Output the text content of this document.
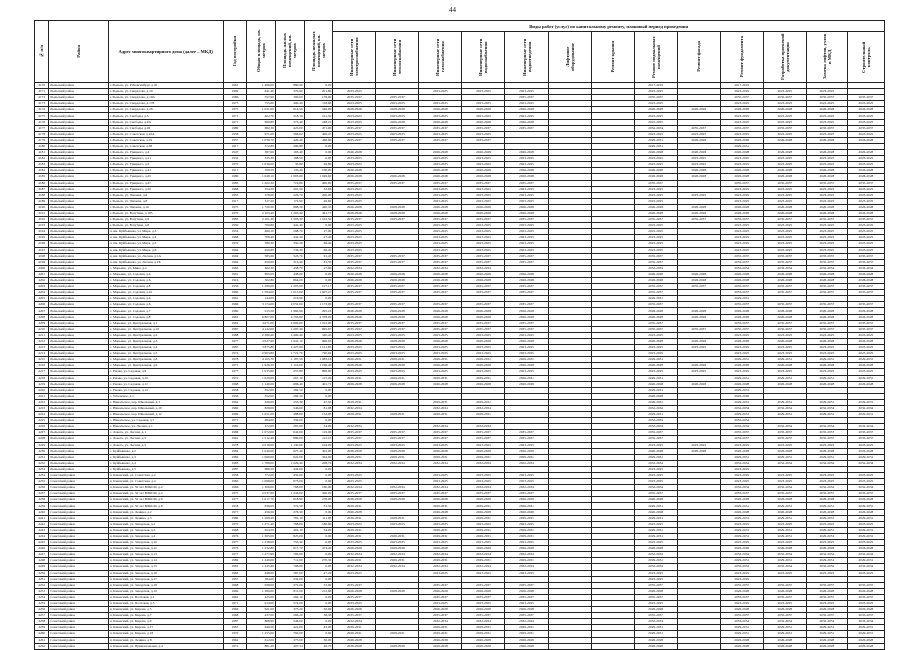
44
№ п/п	Район	Адрес многоквартирного дома (далее – МКД)	Год постройки	Общая площадь, кв. метров	Площадь жилых помещений, кв. метров	Площадь нежилых помещений, кв. метров	Виды работ (услуг) по капитальному ремонту, плановый период проведения												
							Инженерные сети электроснабжения	Инженерные сети теплоснабжения	Инженерные сети газоснабжения	Инженерные сети водоснабжения	Инженерные сети водоотведения	Лифтовое оборудование	Ремонт крыши	Ремонт подвальных помещений	Ремонт фасада	Ремонт фундамента	Разработка проектной документации	Замена лифтов, узлов в МКД	Строительный контроль
4170	Рыльский район	г. Рыльск, ул. Р.Люксембург, д.45	1961	1 496,00	880,90	0,00								2017-2019		2017-2019			
4171	Рыльский район	г. Рыльск, ул. Свердлова, д.19	1969	641,40	370,90	201,80	2023-2025		2023-2025	2023-2025	2023-2025			2023-2025		2023-2025	2023-2025	2023-2025	
4172	Рыльский район	г. Рыльск, ул. Свердлова, д.19А	1986	557,90	300,00	178,90	2035-2037	2035-2037			2035-2037			2035-2037		2035-2037	2035-2037	2035-2037	2035-2037
4173	Рыльский район	г. Рыльск, ул. Свердлова, д.178	1975	755,60	490,40	118,60	2023-2025	2023-2025	2023-2025	2023-2025	2023-2025			2023-2025		2023-2025	2023-2025	2023-2025	2023-2025
4174	Рыльский район	г. Рыльск, ул. Свердлова, д.26	1975	1 021,00	614,50	346,90	2026-2028	2026-2028	2026-2028	2026-2028	2026-2028			2026-2028	2026-2028	2026-2028	2026-2028	2026-2028	2026-2028
4175	Рыльский район	г. Рыльск, ул. Свободы, д.3	1971	402,70	218,10	101,50	2023-2025	2023-2025	2023-2025	2023-2025	2023-2025			2023-2025		2023-2025	2023-2025	2023-2025	2023-2025
4176	Рыльский район	г. Рыльск, ул. Свободы, д.9А	1971	690,80	373,40	248,10	2023-2025	2026-2028	2026-2028	2026-2028	2026-2028			2023-2025		2023-2025	2023-2025	2023-2025	2023-2025
4177	Рыльский район	г. Рыльск, ул. Свободы, д.26	1989	682,30	425,00	471,90	2035-2037	2035-2037	2035-2037	2035-2037	2035-2037			2032-2034	2035-2037	2035-2037	2035-2037	2035-2037	2035-2037
4178	Рыльский район	г. Рыльск, ул. Советская, д.16А	1958	971,00	566,02	406,47	2023-2025	2023-2025	2023-2025	2023-2025				2023-2025	2023-2025	2023-2025	2023-2025	2023-2025	2023-2025
4179	Рыльский район	г. Рыльск, ул. Советская, д.19	1957	1 036,70	420,40	468,60	2035-2037	2035-2037	2035-2037	2035-2037				2029-2031	2026-2028	2026-2028	2026-2028	2026-2028	2026-2028
4180	Рыльский район	г. Рыльск, ул. Советская, д.38	1917	372,80	290,80	0,00								2029-2031		2029-2031			
4181	Рыльский район	г. Рыльск, ул. Урицкого, д.4	1947	387,00	163,40	0,00	2026-2028		2026-2028	2026-2028	2026-2028			2026-2028	2026-2028	2026-2028	2026-2028	2026-2028	2026-2028
4182	Рыльский район	г. Рыльск, ул. Урицкого, д.21	1932	335,30	188,50	0,00	2023-2025		2023-2025	2023-2025	2023-2025			2023-2025	2023-2025	2023-2025	2023-2025	2023-2025	2023-2025
4183	Рыльский район	г. Рыльск, ул. Урицкого, д.3	1970	1 036,00	35,80	26,80	2023-2025		2023-2025	2023-2025	2023-2025			2023-2025	2023-2025	2023-2025	2023-2025	2023-2025	2023-2025
4184	Рыльский район	г. Рыльск, ул. Урицкого, д.41	1917	356,50	135,40	100,00	2026-2028		2026-2028	2026-2028	2026-2028			2026-2028	2026-2028	2026-2028	2026-2028	2026-2028	2026-2028
4185	Рыльский район	г. Рыльск, ул. Урицкого, д.45	1980	1 648,10	1 003,60	1 049,60	2026-2028	2026-2028	2026-2028	2026-2028	2026-2028			2026-2028	2026-2028	2026-2028	2026-2028	2026-2028	2026-2028
4186	Рыльский район	г. Рыльск, ул. Урицкого, д.47	1983	1 202,30	719,80	400,90	2035-2037	2035-2037	2035-2037	2035-2037	2035-2037			2035-2037		2035-2037	2035-2037	2035-2037	2035-2037
4187	Рыльский район	г. Рыльск, ул. Урицкого, д.50	1968	354,50	201,50	32,60	2023-2025		2023-2025	2023-2025	2023-2025			2023-2025		2023-2025	2023-2025	2023-2025	2023-2025
4188	Рыльский район	г. Рыльск, ул. Чапаева, д.6	1955	378,60	226,70	200,00	2023-2025		2023-2025	2023-2025	2023-2025			2023-2025	2023-2025	2023-2025	2023-2025	2023-2025	2023-2025
4189	Рыльский район	г. Рыльск, ул. Чапаева, д.8	1917	317,20	172,90	49,60	2023-2025		2023-2025	2023-2025	2023-2025			2023-2025		2023-2025	2023-2025	2023-2025	2023-2025
4190	Рыльский район	г. Рыльск, ул. Чапаева, д.16	1975	1 720,50	988,30	420,35	2026-2028	2026-2028	2026-2028	2026-2028	2026-2028			2026-2028	2026-2028	2026-2028	2026-2028	2026-2028	2026-2028
4191	Рыльский район	г. Рыльск, ул. Ватутина, д.185	1970	2 103,40	1 265,40	461,75	2026-2028	2026-2028	2026-2028	2026-2028	2026-2028			2026-2028	2026-2028	2026-2028	2026-2028	2026-2028	2026-2028
4192	Рыльский район	г. Рыльск, ул. Ватутина, д.6	1985	2 101,30	1 505,30	1 102,50	2035-2037	2035-2037	2035-2037	2035-2037	2035-2037			2035-2037	2035-2037	2035-2037	2035-2037	2035-2037	2035-2037
4193	Рыльский район	г. Рыльск, ул. Ватутина, д.8	1959	700,80	441,40	0,00	2023-2025		2023-2025	2023-2025	2023-2025			2023-2025		2023-2025	2023-2025	2023-2025	2023-2025
4194	Рыльский район	п. им. Куйбышева, ул. Мира, д.3	1954	480,10	298,70	27,00	2023-2025		2023-2025	2023-2025	2023-2025			2023-2025		2023-2025	2023-2025	2023-2025	2023-2025
4195	Рыльский район	п. им. Куйбышева, ул. Мира, д.4	1968	708,40	432,40	27,40	2023-2025		2023-2025	2023-2025	2023-2025			2023-2025		2023-2025	2023-2025	2023-2025	2023-2025
4196	Рыльский район	п. им. Куйбышева, ул. Мира, д.5	1970	580,30	350,20	66,40	2023-2025		2023-2025	2023-2025	2023-2025			2023-2025		2023-2025	2023-2025	2023-2025	2023-2025
4197	Рыльский район	п. им. Куйбышева, ул. Мира, д.6	1964	650,60	736,30	69,40	2023-2025		2023-2025	2023-2025	2023-2025			2023-2025		2023-2025	2023-2025	2023-2025	2023-2025
4198	Рыльский район	п. им. Куйбышева, ул. Лесная, д.1А	1994	585,60	323,70	91,45	2035-2037	2035-2037	2035-2037	2035-2037	2035-2037			2035-2037		2035-2037	2035-2037	2035-2037	2035-2037
4199	Рыльский район	п. им. Куйбышева, ул. Лесная, д.1Б	1994	650,60	315,40	81,50	2035-2037	2035-2037	2035-2037	2035-2037	2035-2037			2035-2037		2035-2037	2035-2037	2035-2037	2035-2037
4200	Рыльский район	с. Марьино, ул. Мира, д.2	1965	462,30	458,70	27,60	2032-2034		2032-2034	2032-2034				2032-2034		2032-2034	2032-2034	2032-2034	2032-2034
4201	Рыльский район	с. Марьино, ул. Садовая, д.4	1991	695,00	438,00	0,00	2026-2028	2026-2028	2026-2028	2026-2028	2026-2028			2026-2028	2026-2028	2026-2028	2026-2028	2026-2028	2026-2028
4202	Рыльский район	с. Марьино, ул. Садовая, д.6	1916	302,80	864,00	0,00	2026-2028	2026-2028	2026-2028	2026-2028	2026-2028			2026-2028	2026-2028	2026-2028	2026-2028	2026-2028	2026-2028
4203	Рыльский район	с. Марьино, ул. Садовая, д.8	1956	1 280,00	1 205,00	127,17	2035-2037	2035-2037	2035-2037	2035-2037	2035-2037			2035-2037	2035-2037	2035-2037	2035-2037	2035-2037	2035-2037
4204	Рыльский район	с. Марьино, ул. Садовая, д.10	1960	1 584,00	1 015,00	1 007,27	2035-2037	2035-2037	2035-2037	2035-2037	2035-2037			2035-2037		2035-2037	2035-2037	2035-2037	2035-2037
4205	Рыльский район	с. Марьино, ул. Садовая, д.4	1961	144,00	216,90	0,00								2029-2031		2029-2031			
4206	Рыльский район	с. Марьино, ул. Садовая, д.6	1966	3 174,00	2 052,00	1 173,00	2035-2037	2035-2037	2035-2037	2035-2037	2035-2037			2035-2037		2035-2037	2035-2037	2035-2037	2035-2037
4207	Рыльский район	с. Марьино, ул. Садовая, д.7	1980	915,50	1 960,90	295,23	2026-2028	2026-2028	2026-2028	2026-2028	2026-2028			2026-2028	2026-2028	2026-2028	2026-2028	2026-2028	2026-2028
4208	Рыльский район	с. Марьино, ул. Садовая, д.8	1981	6 807,00	4 793,80	4 378,00	2026-2028	2026-2028	2026-2028	2026-2028	2026-2028			2026-2028	2026-2028	2026-2028	2026-2028	2026-2028	2026-2028
4209	Рыльский район	с. Марьино, ул. Центральная, д.1	1981	4 071,00	2 600,00	1 012,00	2035-2037	2035-2037	2035-2037	2035-2037	2035-2037			2035-2037		2035-2037	2035-2037	2035-2037	2035-2037
4210	Рыльский район	с. Марьино, ул. Центральная, д.10	1987	4 142,00	1 297,40	695,97	2035-2037	2035-2037	2035-2037	2035-2037	2035-2037			2035-2037	2035-2037	2035-2037	2035-2037	2035-2037	2035-2037
4211	Рыльский район	с. Марьино, ул. Центральная, д.2	1988	2 380,40	1 400,40	320,45	2023-2025	2023-2025	2023-2025	2023-2025	2023-2025			2023-2025		2023-2025	2023-2025	2023-2025	2023-2025
4212	Рыльский район	с. Марьино, ул. Центральная, д.3	1977	3 027,60	1 941,10	990,95	2026-2028	2026-2028	2026-2028	2026-2028	2026-2028			2026-2028	2026-2028	2026-2028	2026-2028	2026-2028	2026-2028
4213	Рыльский район	с. Марьино, ул. Центральная, д.4	1987	3 875,80	2 427,80	1 121,85	2023-2025	2023-2025	2023-2025	2023-2025	2023-2025			2023-2025	2023-2025	2023-2025	2023-2025	2023-2025	2023-2025
4214	Рыльский район	с. Марьино, ул. Центральная, д.5	1974	2 903,80	1 721,70	720,04	2023-2025	2023-2025	2023-2025	2023-2025	2023-2025			2023-2025		2023-2025	2023-2025	2023-2025	2023-2025
4215	Рыльский район	с. Марьино, ул. Центральная, д.8	1978	4 105,70	1 187,50	1 083,16	2029-2031	2029-2031	2029-2031	2029-2031	2029-2031			2029-2031		2029-2031	2029-2031	2029-2031	2029-2031
4216	Рыльский район	с. Марьино, ул. Центральная, д.9	1971	1 926,50	1 110,00	1 190,40	2026-2028	2026-2028	2026-2028	2026-2028	2026-2028			2026-2028	2026-2028	2026-2028	2026-2028	2026-2028	2026-2028
4217	Рыльский район	с. Ржава, ул. Садовая, д.9	1977	1 035,60	257,80	890,00	2023-2025	2023-2025	2023-2025	2023-2025	2023-2025			2023-2025	2023-2025	2023-2025	2023-2025	2023-2025	2023-2025
4218	Рыльский район	с. Ржава, ул. Садовая, д.10	1972	1 029,00	267,10	115,40	2029-2031	2029-2031	2029-2031	2029-2031	2029-2031			2029-2031		2029-2031	2029-2031	2029-2031	2029-2031
4219	Рыльский район	с. Ржава, ул. Садовая, д.11	1968	1 140,00	686,40	401,71	2026-2028	2026-2028	2026-2028	2026-2028	2026-2028			2026-2028	2026-2028	2026-2028	2026-2028	2026-2028	2026-2028
4220	Рыльский район	с. Ржава, ул. Садовая, д.12	1958	352,00	282,50	0,00								2029-2031		2029-2031			
4221	Рыльский район	с. Успенское, д.1	1956	352,00	282,50	0,00								2026-2028		2026-2028			
4222	Рыльский район	с. Никольское, пер. Школьный, д.3	1962	436,00	253,30	47,50	2029-2031		2029-2031	2029-2031				2029-2031		2029-2031	2029-2031	2029-2031	2029-2031
4223	Рыльский район	с. Никольское, пер. Школьный, д.10	1960	828,00	546,60	81,98	2032-2034		2032-2034	2032-2034				2032-2034		2032-2034	2032-2034	2032-2034	2032-2034
4224	Рыльский район	с. Никольское, пер. Школьный, д.12	1969	1 051,00	488,00	152,00	2029-2031	2029-2031	2029-2031	2029-2031				2029-2031		2029-2031	2029-2031	2029-2031	2029-2031
4225	Рыльский район	с. Никольское, ул. Садовая, д.7	1971	484,00	359,00	0,00								2032-2034		2032-2034			
4226	Рыльский район	с. Никольское, ул. Лесная, д.1	1982	472,60	287,00	54,90	2032-2034		2032-2034	2032-2034				2032-2034		2032-2034	2032-2034	2032-2034	2032-2034
4227	Рыльский район	с. Локоть, ул. Лесная, д.1	1986	1 072,00	642,00	119,00	2035-2037	2035-2037	2035-2037	2035-2037	2035-2037			2035-2037		2035-2037	2035-2037	2035-2037	2035-2037
4228	Рыльский район	с. Локоть, ул. Лесная, д.3	1991	1 512,40	880,00	112,10	2035-2037	2035-2037	2035-2037	2035-2037	2035-2037			2035-2037		2035-2037	2035-2037	2035-2037	2035-2037
4229	Рыльский район	с. Локоть, ул. Лесная, д.5	1978	2 016,00	1 130,00	104,00	2023-2025	2023-2025	2023-2025	2023-2025	2023-2025			2023-2025	2023-2025	2023-2025	2023-2025	2023-2025	2023-2025
4230	Рыльский район	с. Куйбышево, д.2	1982	1 040,00	627,40	302,00	2026-2028	2026-2028	2026-2028	2026-2028	2026-2028			2026-2028	2026-2028	2026-2028	2026-2028	2026-2028	2026-2028
4231	Рыльский район	с. Куйбышево, д.3	1982	1 060,00	622,00	302,00	2029-2031	2029-2031	2029-2031	2029-2031	2029-2031			2029-2031		2029-2031	2029-2031	2029-2031	2029-2031
4232	Рыльский район	с. Куйбышево, д.4	1983	1 788,00	1 029,40	208,76	2032-2034	2032-2034	2032-2034	2032-2034	2032-2034			2032-2034		2032-2034	2032-2034	2032-2034	2032-2034
4233	Рыльский район	с. Куйбышево, д.5	1987	686,50	434,00	0,00								2023-2025		2023-2025			
4234	Советский район	п. Кшенский, ул. Советская, д.2	1958	772,00	450,00	0,00	2023-2025		2023-2025	2023-2025	2023-2025			2023-2025		2023-2025	2023-2025	2023-2025	2023-2025
4235	Советский район	п. Кшенский, ул. Советская, д.4	1960	1 098,00	673,00	0,00	2023-2025		2023-2025	2023-2025	2023-2025			2023-2025		2023-2025	2023-2025	2023-2025	2023-2025
4236	Советский район	п. Кшенский, ул. 50 лет ВЛКСМ, д.2	1966	1 306,00	768,00	160,00	2032-2034	2032-2034	2032-2034	2032-2034	2032-2034			2032-2034		2032-2034	2032-2034	2032-2034	2032-2034
4237	Советский район	п. Кшенский, ул. 50 лет ВЛКСМ, д.4	1975	2 037,60	1 243,00	300,00	2035-2037	2035-2037	2035-2037	2035-2037	2035-2037			2035-2037		2035-2037	2035-2037	2035-2037	2035-2037
4238	Советский район	п. Кшенский, ул. 50 лет ВЛКСМ, д.6	1977	1 017,70	618,90	270,00	2026-2028	2026-2028	2026-2028	2026-2028	2026-2028			2026-2028		2026-2028	2026-2028	2026-2028	2026-2028
4239	Советский район	п. Кшенский, ул. 50 лет ВЛКСМ, д.8	1978	636,00	372,50	31,50	2029-2031		2029-2031	2029-2031	2029-2031			2029-2031		2029-2031	2029-2031	2029-2031	2029-2031
4240	Советский район	п. Кшенский, ул. Ленина, д.2	1977	456,50	276,30	0,00	2026-2028		2026-2028	2026-2028	2026-2028			2026-2028		2026-2028	2026-2028	2026-2028	2026-2028
4241	Советский район	п. Кшенский, ул. Ленина, д.3	1980	1 268,20	781,10	111,00	2029-2031	2029-2031	2029-2031	2029-2031	2029-2031			2029-2031		2029-2031	2029-2031	2029-2031	2029-2031
4242	Советский район	п. Кшенский, ул. Заводская, д.2	1970	1 271,40	768,00	180,60	2023-2025	2023-2025	2023-2025	2023-2025	2023-2025			2023-2025		2023-2025	2023-2025	2023-2025	2023-2025
4243	Советский район	п. Кшенский, ул. Заводская, д.3	1968	654,50	402,10	54,00	2029-2031		2029-2031	2029-2031	2029-2031			2029-2031		2029-2031	2029-2031	2029-2031	2029-2031
4244	Советский район	п. Кшенский, ул. Заводская, д.4	1976	1 305,00	825,00	0,00	2029-2031	2029-2031	2029-2031	2029-2031	2029-2031			2029-2031		2029-2031	2029-2031	2029-2031	2029-2031
4245	Советский район	п. Кшенский, ул. Заводская, д.10	1977	1 238,00	755,40	0,00	2023-2025	2023-2025	2023-2025	2023-2025	2023-2025			2023-2025		2023-2025	2023-2025	2023-2025	2023-2025
4246	Советский район	п. Кшенский, ул. Заводская, д.12	1976	1 232,80	617,70	474,40	2026-2028	2026-2028	2026-2028	2026-2028	2026-2028			2026-2028		2026-2028	2026-2028	2026-2028	2026-2028
4247	Советский район	п. Кшенский, ул. Заводская, д.13	1977	1 277,90	760,00	0,00	2032-2034	2032-2034	2032-2034	2032-2034	2032-2034			2032-2034		2032-2034	2032-2034	2032-2034	2032-2034
4248	Советский район	п. Кшенский, ул. Заводская, д.14	1982	1 240,00	711,00	270,30	2029-2031	2029-2031	2029-2031	2029-2031	2029-2031			2029-2031		2029-2031	2029-2031	2029-2031	2029-2031
4249	Советский район	п. Кшенский, ул. Заводская, д.15	1981	1 245,40	708,00	0,00	2032-2034	2032-2034	2032-2034	2032-2034	2032-2034			2032-2034		2032-2034	2032-2034	2032-2034	2032-2034
4250	Советский район	п. Кшенский, ул. Заводская, д.16	1966	648,00	587,00	47,20	2023-2025		2023-2025	2023-2025	2023-2025			2023-2025		2023-2025	2023-2025	2023-2025	2023-2025
4251	Советский район	п. Кшенский, ул. Заводская, д.17	1957	384,00	232,00	0,00								2023-2025		2023-2025			
4252	Советский район	п. Кшенский, ул. Заводская, д.18	1968	638,00	372,00	53,00	2035-2037		2035-2037	2035-2037	2035-2037			2035-2037		2035-2037	2035-2037	2035-2037	2035-2037
4253	Советский район	п. Кшенский, ул. Заводская, д.19	1969	1 380,00	811,00	212,60	2026-2028	2026-2028	2026-2028	2026-2028	2026-2028			2026-2028		2026-2028	2026-2028	2026-2028	2026-2028
4254	Советский район	п. Кшенский, ул. Почтовая, д.1	1962	425,00	262,10	0,00	2035-2037		2035-2037	2035-2037	2035-2037			2035-2037		2035-2037	2035-2037	2035-2037	2035-2037
4255	Советский район	п. Кшенский, ул. Почтовая, д.3	1971	914,00	574,00	0,00	2023-2025		2023-2025	2023-2025	2023-2025			2023-2025		2023-2025	2023-2025	2023-2025	2023-2025
4256	Советский район	п. Кшенский, ул. Кирова, д.5	1966	621,00	375,20	50,00	2026-2028		2026-2028	2026-2028	2026-2028			2026-2028		2026-2028	2026-2028	2026-2028	2026-2028
4257	Советский район	п. Кшенский, ул. Кирова, д.7	1968	437,00	266,20	38,50	2035-2037		2035-2037	2035-2037	2035-2037			2035-2037		2035-2037	2035-2037	2035-2037	2035-2037
4258	Советский район	п. Кшенский, ул. Кирова, д.9	1987	868,90	546,00	0,00	2032-2034		2032-2034	2032-2034	2032-2034			2032-2034		2032-2034	2032-2034	2032-2034	2032-2034
4259	Советский район	п. Кшенский, ул. Кирова, д.17	1967	649,50	421,00	43,00	2029-2031		2029-2031	2029-2031	2029-2031			2029-2031		2029-2031	2029-2031	2029-2031	2029-2031
4260	Советский район	п. Кшенский, ул. Кирова, д.18	1970	1 255,00	792,00	0,00	2029-2031	2029-2031	2029-2031	2029-2031	2029-2031			2029-2031		2029-2031	2029-2031	2029-2031	2029-2031
4261	Советский район	п. Кшенский, ул. Ленина, д.8	1962	612,00	373,00	30,00	2026-2028		2026-2028	2026-2028	2026-2028			2026-2028		2026-2028	2026-2028	2026-2028	2026-2028
4262	Советский район	п. Кшенский, ул. Привокзальная, д.4	1972	881,20	407,34	40,70	2026-2028	2026-2028	2026-2028	2026-2028	2026-2028			2026-2028		2026-2028	2026-2028	2026-2028	2026-2028
